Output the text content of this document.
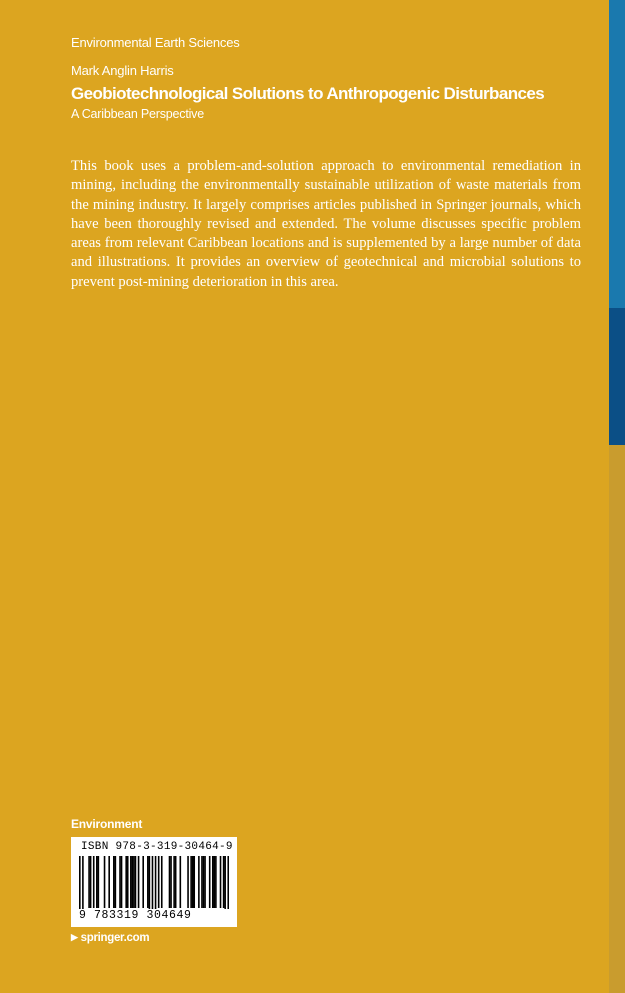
Environmental Earth Sciences
Mark Anglin Harris
Geobiotechnological Solutions to Anthropogenic Disturbances
A Caribbean Perspective

This book uses a problem-and-solution approach to environmental remediation in mining, including the environmentally sustainable utilization of waste materials from the mining industry. It largely comprises articles published in Springer journals, which have been thoroughly revised and extended. The volume discusses specific problem areas from relevant Caribbean locations and is supplemented by a large number of data and illustrations. It provides an overview of geotechnical and microbial solutions to prevent post-mining deterioration in this area.

Environment
ISBN 978-3-319-30464-9
9 783319 304649
▶ springer.com
